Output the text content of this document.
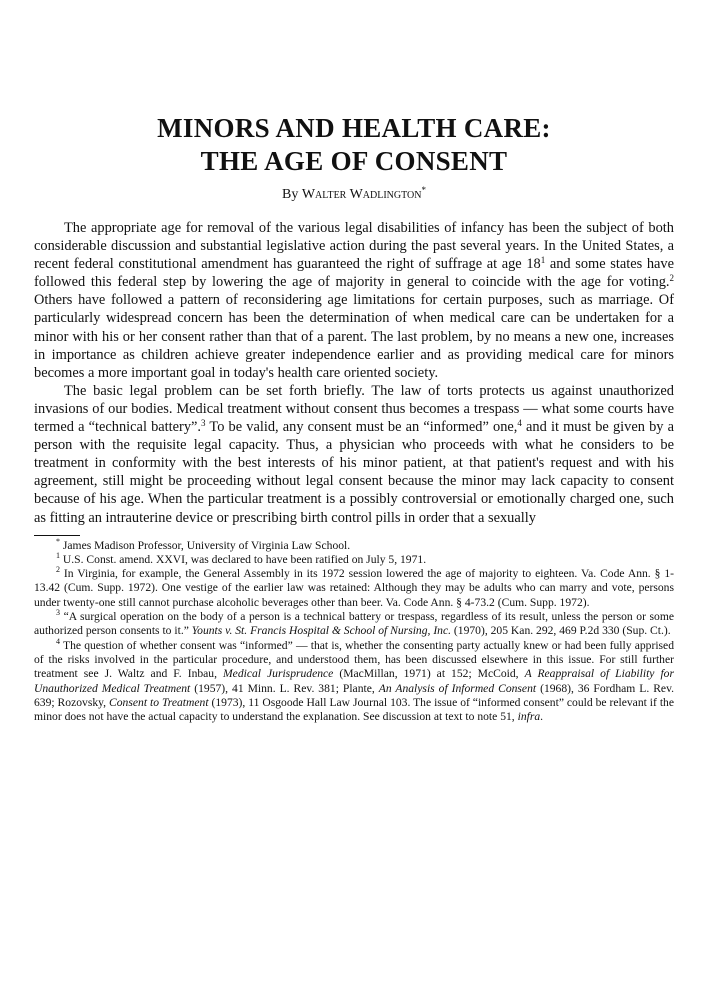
MINORS AND HEALTH CARE:
THE AGE OF CONSENT
By Walter Wadlington*

The appropriate age for removal of the various legal disabilities of infancy has been the subject of both considerable discussion and substantial legislative action during the past several years. In the United States, a recent federal constitutional amendment has guaranteed the right of suffrage at age $18^1$ and some states have followed this federal step by lowering the age of majority in general to coincide with the age for voting.$^2$ Others have followed a pattern of reconsidering age limitations for certain purposes, such as marriage. Of particularly widespread concern has been the determination of when medical care can be undertaken for a minor with his or her consent rather than that of a parent. The last problem, by no means a new one, increases in importance as children achieve greater independence earlier and as providing medical care for minors becomes a more important goal in today's health care oriented society.

The basic legal problem can be set forth briefly. The law of torts protects us against unauthorized invasions of our bodies. Medical treatment without consent thus becomes a trespass — what some courts have termed a “technical battery”.$^3$ To be valid, any consent must be an “informed” one,$^4$ and it must be given by a person with the requisite legal capacity. Thus, a physician who proceeds with what he considers to be treatment in conformity with the best interests of his minor patient, at that patient's request and with his agreement, still might be proceeding without legal consent because the minor may lack capacity to consent because of his age. When the particular treatment is a possibly controversial or emotionally charged one, such as fitting an intrauterine device or prescribing birth control pills in order that a sexually

* James Madison Professor, University of Virginia Law School.

$^1$ U.S. Const. amend. XXVI, was declared to have been ratified on July 5, 1971.

$^2$ In Virginia, for example, the General Assembly in its 1972 session lowered the age of majority to eighteen. Va. Code Ann. § 1-13.42 (Cum. Supp. 1972). One vestige of the earlier law was retained: Although they may be adults who can marry and vote, persons under twenty-one still cannot purchase alcoholic beverages other than beer. Va. Code Ann. § 4-73.2 (Cum. Supp. 1972).

$^3$ “A surgical operation on the body of a person is a technical battery or trespass, regardless of its result, unless the person or some authorized person consents to it.” Younts v. St. Francis Hospital & School of Nursing, Inc. (1970), 205 Kan. 292, 469 P.2d 330 (Sup. Ct.).

$^4$ The question of whether consent was “informed” — that is, whether the consenting party actually knew or had been fully apprised of the risks involved in the particular procedure, and understood them, has been discussed elsewhere in this issue. For still further treatment see J. Waltz and F. Inbau, Medical Jurisprudence (MacMillan, 1971) at 152; McCoid, A Reappraisal of Liability for Unauthorized Medical Treatment (1957), 41 Minn. L. Rev. 381; Plante, An Analysis of Informed Consent (1968), 36 Fordham L. Rev. 639; Rozovsky, Consent to Treatment (1973), 11 Osgoode Hall Law Journal 103. The issue of “informed consent” could be relevant if the minor does not have the actual capacity to understand the explanation. See discussion at text to note 51, infra.
